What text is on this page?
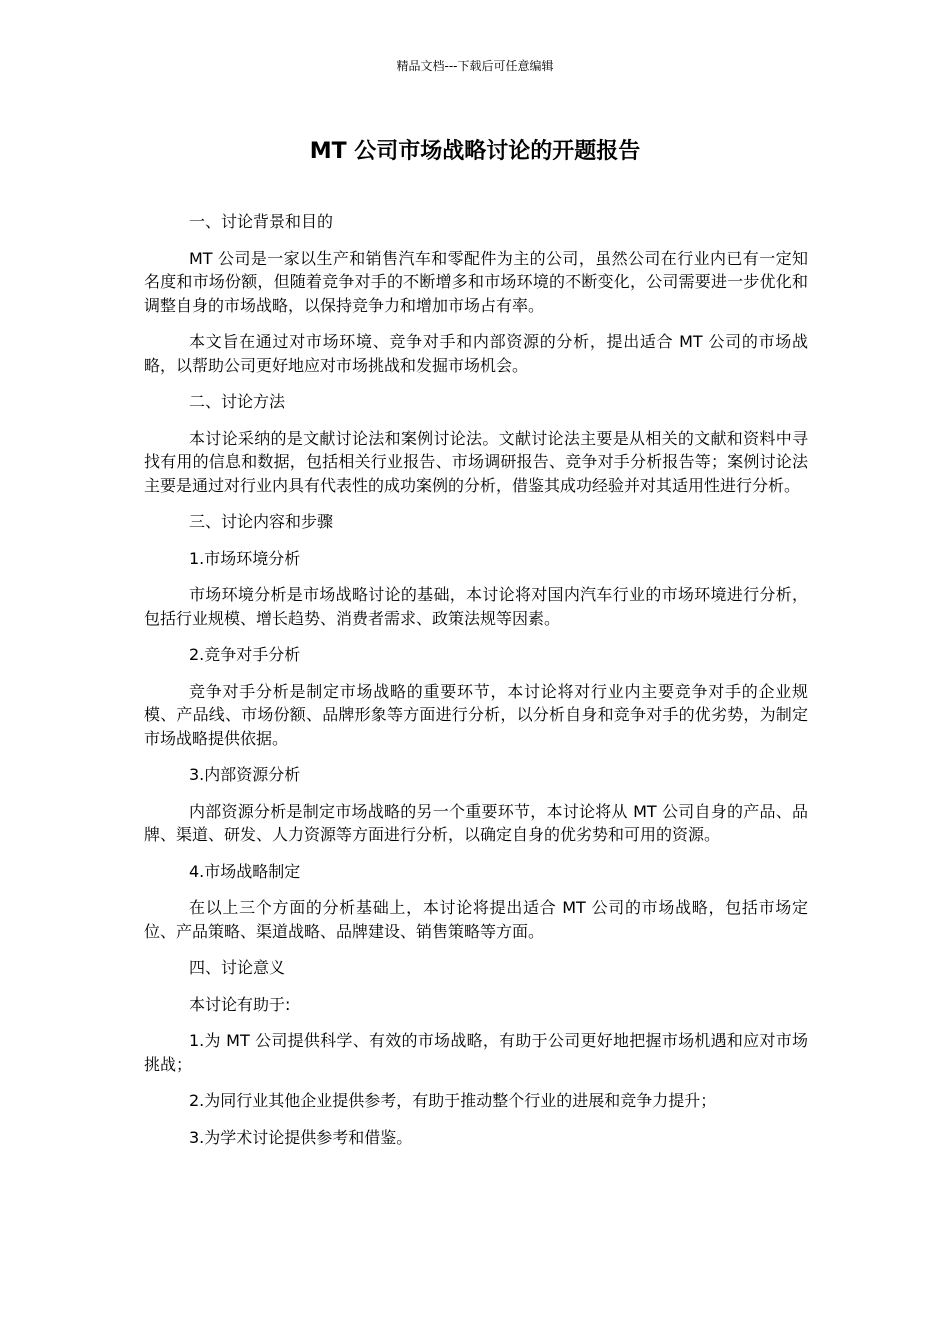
精品文档---下载后可任意编辑
MT 公司市场战略讨论的开题报告

一、讨论背景和目的

MT 公司是一家以生产和销售汽车和零配件为主的公司，虽然公司在行业内已有一定知名度和市场份额，但随着竞争对手的不断增多和市场环境的不断变化，公司需要进一步优化和调整自身的市场战略，以保持竞争力和增加市场占有率。

本文旨在通过对市场环境、竞争对手和内部资源的分析，提出适合 MT 公司的市场战略，以帮助公司更好地应对市场挑战和发掘市场机会。

二、讨论方法

本讨论采纳的是文献讨论法和案例讨论法。文献讨论法主要是从相关的文献和资料中寻找有用的信息和数据，包括相关行业报告、市场调研报告、竞争对手分析报告等；案例讨论法主要是通过对行业内具有代表性的成功案例的分析，借鉴其成功经验并对其适用性进行分析。

三、讨论内容和步骤

1.市场环境分析

市场环境分析是市场战略讨论的基础，本讨论将对国内汽车行业的市场环境进行分析，包括行业规模、增长趋势、消费者需求、政策法规等因素。

2.竞争对手分析

竞争对手分析是制定市场战略的重要环节，本讨论将对行业内主要竞争对手的企业规模、产品线、市场份额、品牌形象等方面进行分析，以分析自身和竞争对手的优劣势，为制定市场战略提供依据。

3.内部资源分析

内部资源分析是制定市场战略的另一个重要环节，本讨论将从 MT 公司自身的产品、品牌、渠道、研发、人力资源等方面进行分析，以确定自身的优劣势和可用的资源。

4.市场战略制定

在以上三个方面的分析基础上，本讨论将提出适合 MT 公司的市场战略，包括市场定位、产品策略、渠道战略、品牌建设、销售策略等方面。

四、讨论意义

本讨论有助于:

1.为 MT 公司提供科学、有效的市场战略，有助于公司更好地把握市场机遇和应对市场挑战；

2.为同行业其他企业提供参考，有助于推动整个行业的进展和竞争力提升；

3.为学术讨论提供参考和借鉴。
